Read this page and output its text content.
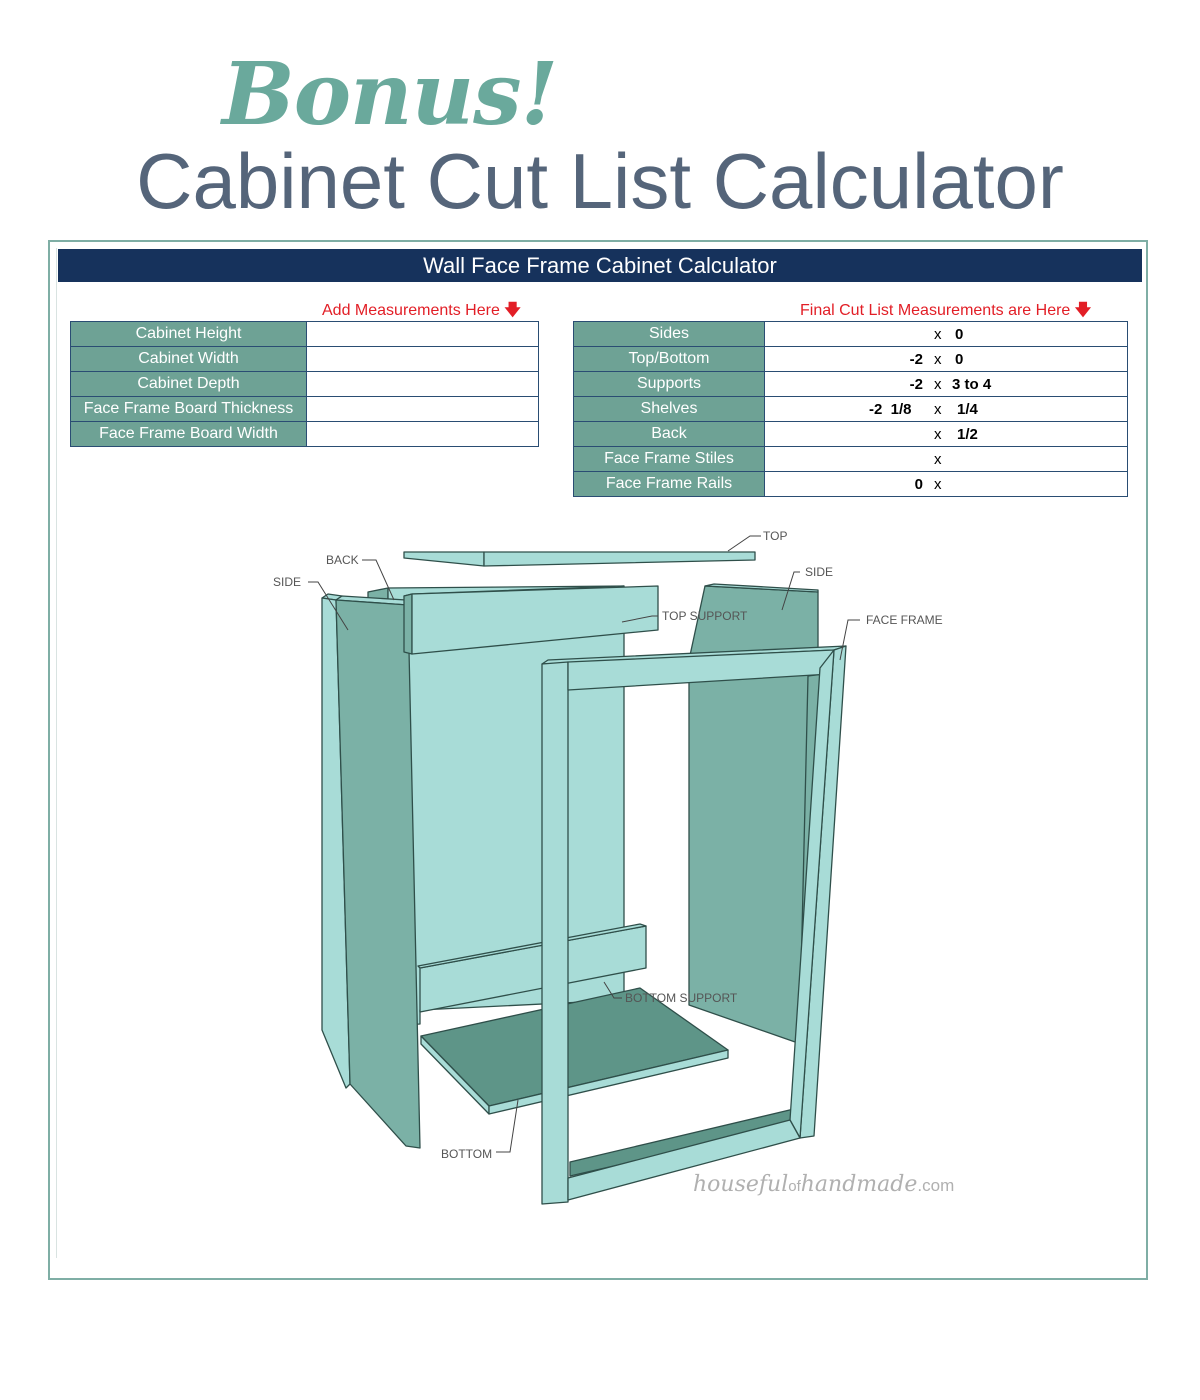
Bonus!
Cabinet Cut List Calculator
Wall Face Frame Cabinet Calculator
Add Measurements Here 🡇	Final Cut List Measurements are Here 🡇
Cabinet Height	
Cabinet Width	
Cabinet Depth	
Face Frame Board Thickness	
Face Frame Board Width	
Sides	x 0

Top/Bottom	-2 x 0

Supports	-2 x 3 to 4

Shelves	-2  1/8 x 1/4

Back	x 1/2

Face Frame Stiles	x

Face Frame Rails	0 x
TOP
BACK
SIDE
SIDE
TOP SUPPORT	FACE FRAME
BOTTOM SUPPORT
BOTTOM
housefulofhandmade.com
